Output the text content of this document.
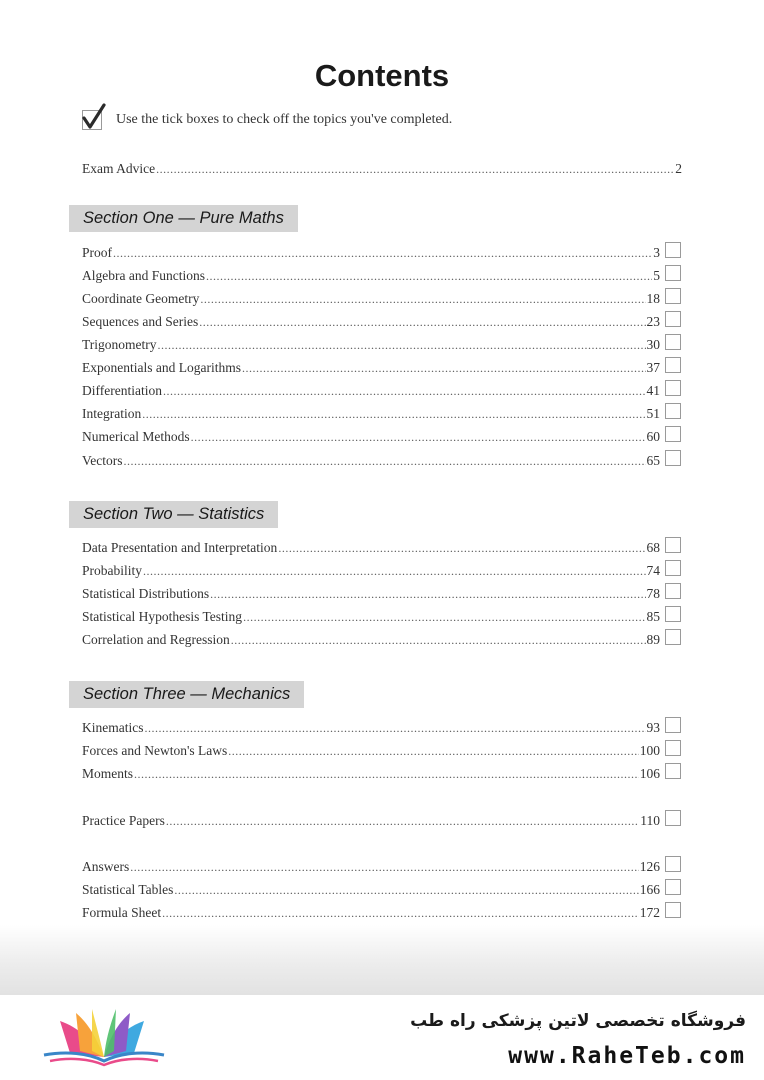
Contents
Use the tick boxes to check off the topics you've completed.
Exam Advice .....	2
Section One — Pure Maths
Proof .....	3
Algebra and Functions .....	5
Coordinate Geometry .....	18
Sequences and Series .....	23
Trigonometry .....	30
Exponentials and Logarithms .....	37
Differentiation .....	41
Integration .....	51
Numerical Methods .....	60
Vectors .....	65
Section Two — Statistics
Data Presentation and Interpretation .....	68
Probability .....	74
Statistical Distributions .....	78
Statistical Hypothesis Testing .....	85
Correlation and Regression .....	89
Section Three — Mechanics
Kinematics .....	93
Forces and Newton's Laws .....	100
Moments .....	106
Practice Papers .....	110
Answers .....	126
Statistical Tables .....	166
Formula Sheet .....	172
فروشگاه تخصصی لاتین پزشکی راه طب
www.RaheTeb.com
